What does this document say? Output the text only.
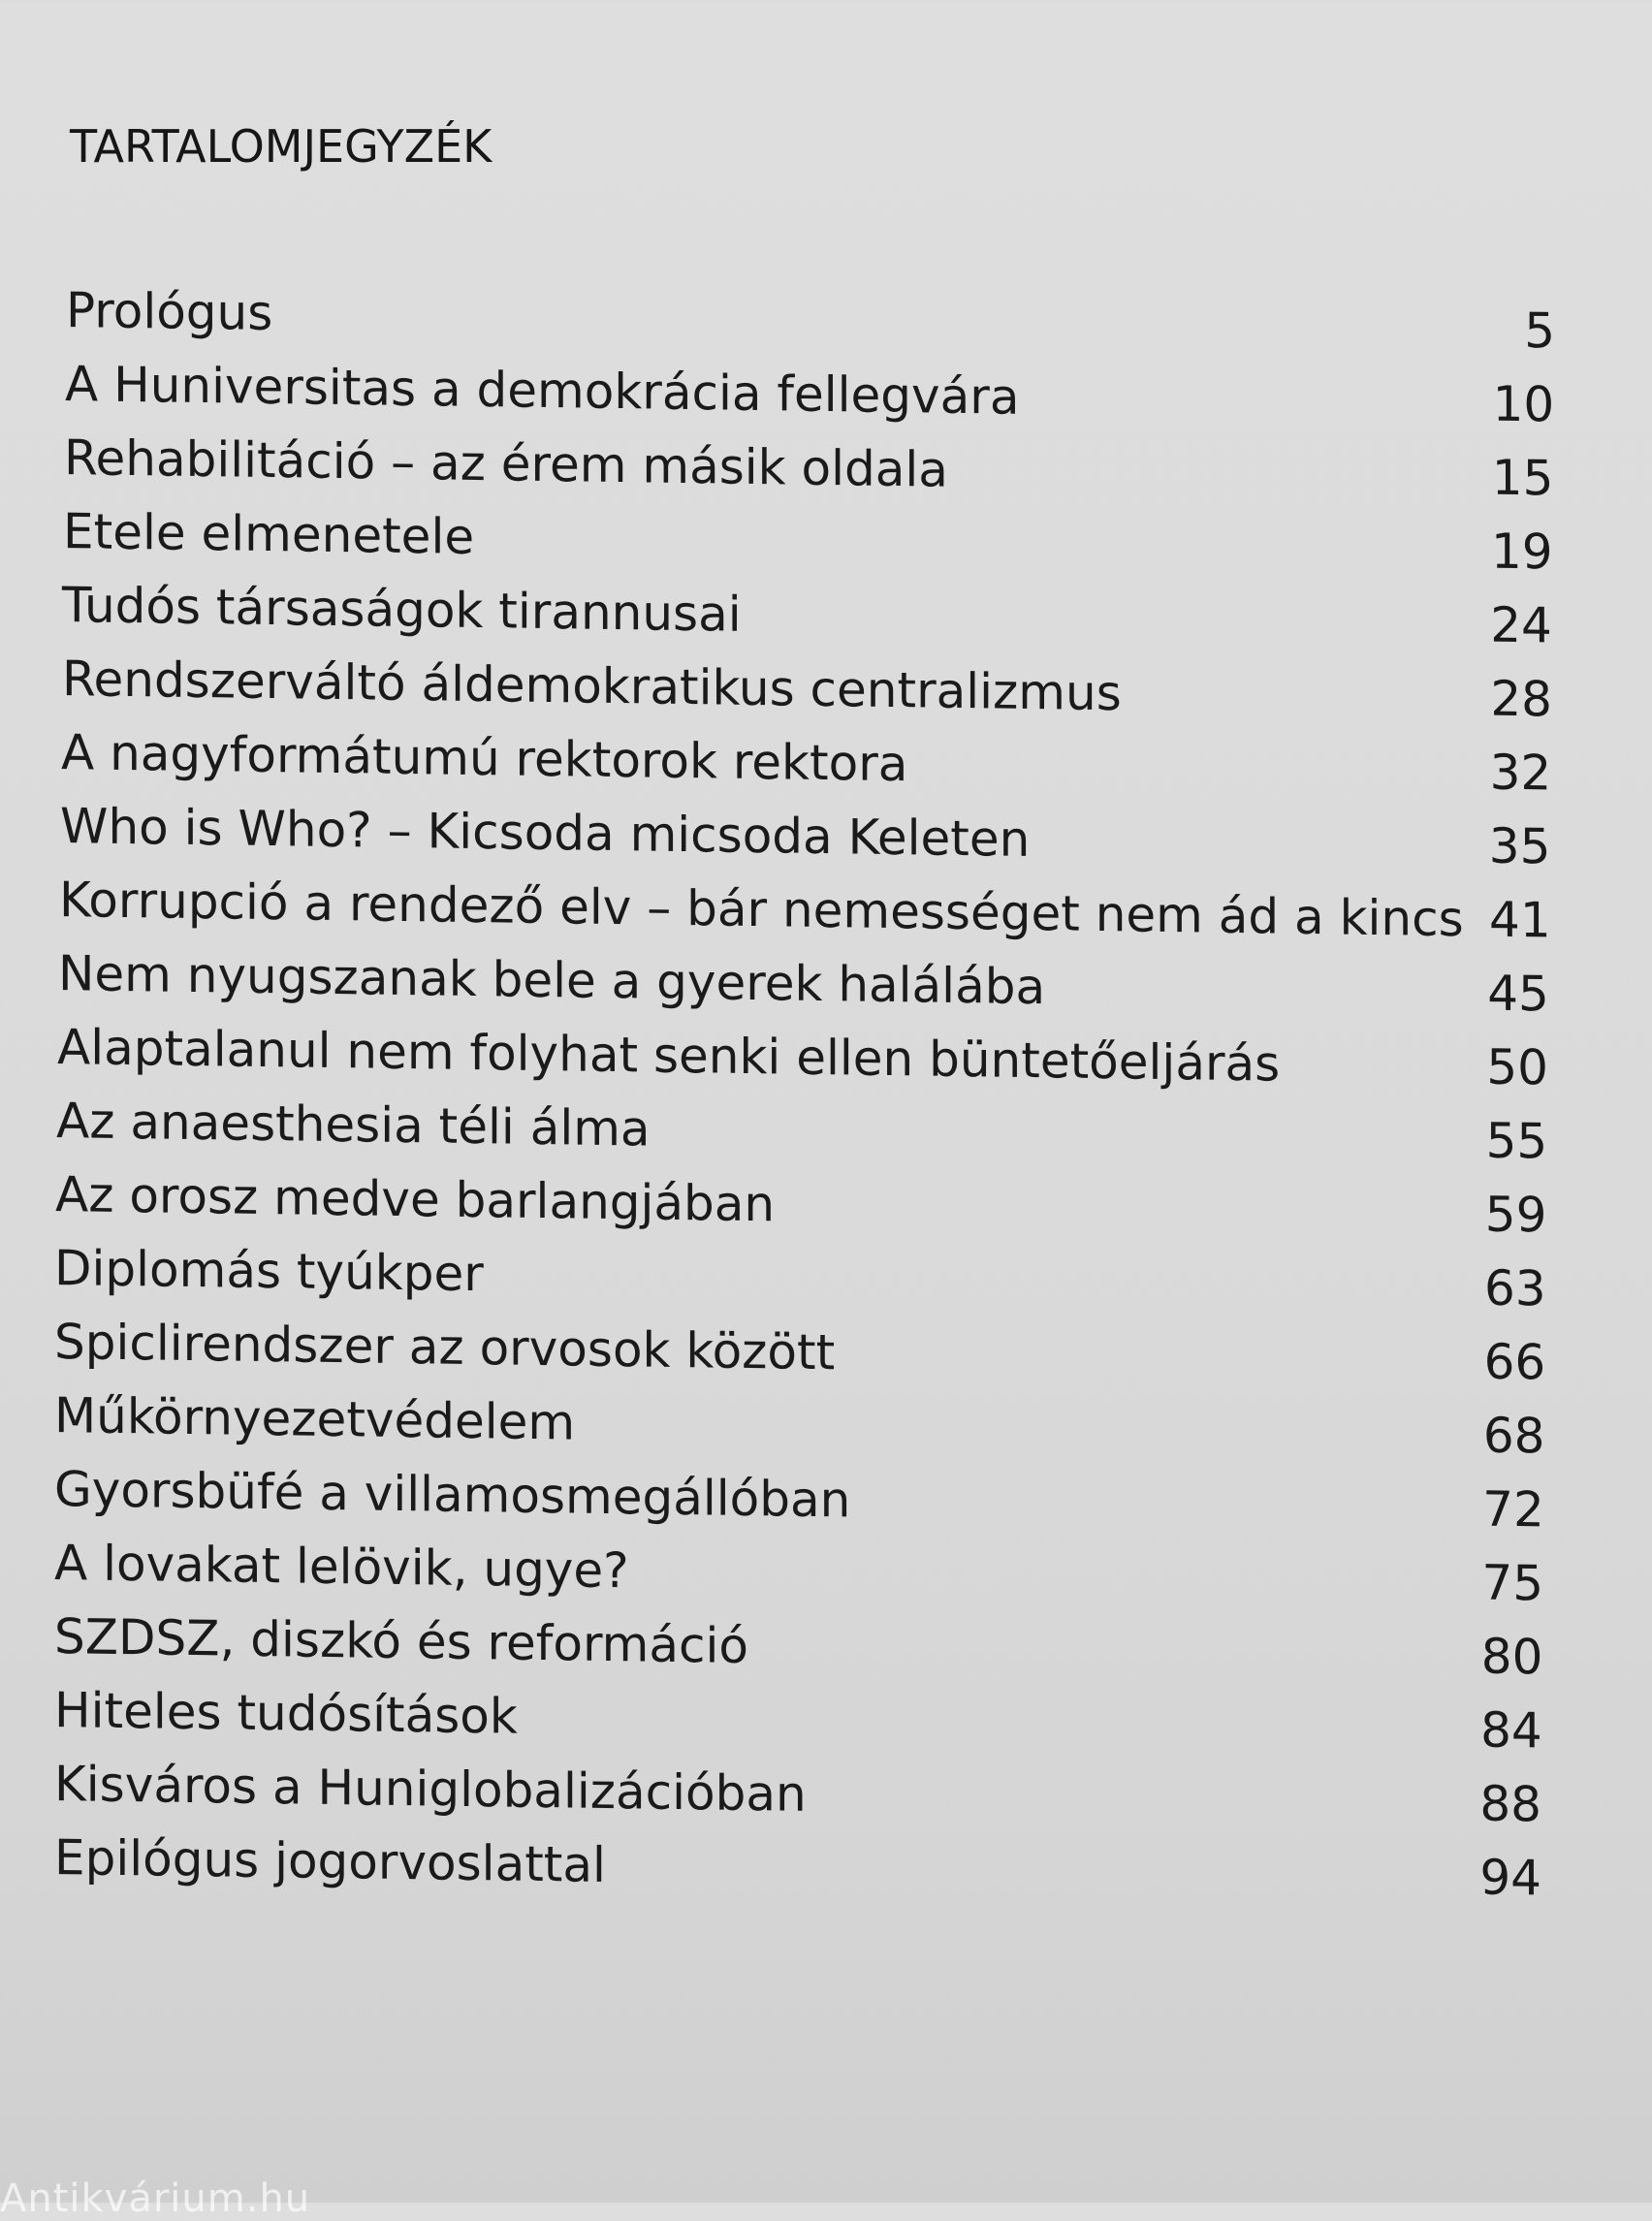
TARTALOMJEGYZÉK
Prológus	5
A Huniversitas a demokrácia fellegvára	10
Rehabilitáció – az érem másik oldala	15
Etele elmenetele	19
Tudós társaságok tirannusai	24
Rendszerváltó áldemokratikus centralizmus	28
A nagyformátumú rektorok rektora	32
Who is Who? – Kicsoda micsoda Keleten	35
Korrupció a rendező elv – bár nemességet nem ád a kincs 41
Nem nyugszanak bele a gyerek halálába	45
Alaptalanul nem folyhat senki ellen büntetőeljárás	50
Az anaesthesia téli álma	55
Az orosz medve barlangjában	59
Diplomás tyúkper	63
Spiclirendszer az orvosok között	66
Műkörnyezetvédelem	68
Gyorsbüfé a villamosmegállóban	72
A lovakat lelövik, ugye?	75
SZDSZ, diszkó és reformáció	80
Hiteles tudósítások	84
Kisváros a Huniglobalizációban	88
Epilógus jogorvoslattal	94
Antikvárium.hu
